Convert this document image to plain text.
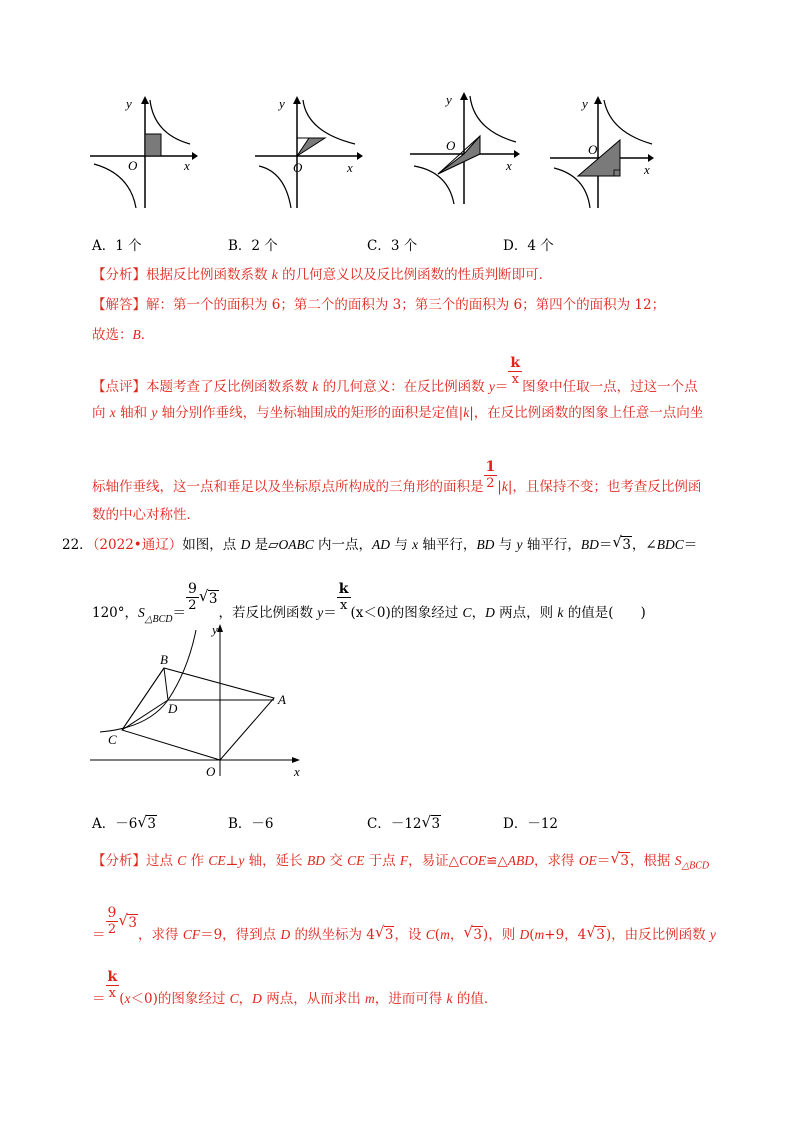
y
O	x
y
O	x
y
O
x
y
O
x
A．1 个	B．2 个	C．3 个	D．4 个
【分析】根据反比例函数系数 k 的几何意义以及反比例函数的性质判断即可．
【解答】解：第一个的面积为 6；第二个的面积为 3；第三个的面积为 6；第四个的面积为 12；
故选：B．
【点评】本题考查了反比例函数系数 k 的几何意义：在反比例函数 y＝
$\frac{k}{x}$
图象中任取一点，过这一个点
向 x 轴和 y 轴分别作垂线，与坐标轴围成的矩形的面积是定值|k|，在反比例函数的图象上任意一点向坐
标轴作垂线，这一点和垂足以及坐标原点所构成的三角形的面积是 $\frac{1}{2} |k|$，且保持不变；也考查反比例函
数的中心对称性．
22．（2022•通辽）如图，点 D 是▱OABC 内一点，AD 与 x 轴平行，BD 与 y 轴平行，BD＝ √ 3，∠BDC＝
120°，$S_{\triangle BCD}=$
$\frac{9}{2}$ √ 3，若反比例函数 y＝
$\frac{k}{x}$
(x＜0)的图象经过 C，D 两点，则 k 的值是(　　)
B
D
A
C
O	x
y
A．－6 √ 3	B．－6	C．－12 √ 3	D．－12
【分析】过点 C 作 CE⊥y 轴，延长 BD 交 CE 于点 F，易证△COE≌△ABD，求得 OE＝ √ 3，根据 $S_{\triangle BCD}$
＝ $\frac{9}{2}$ √ 3，求得 CF＝9，得到点 D 的纵坐标为 4 √ 3，设 C(m， √ 3)，则 D(m+9，4 √ 3)，由反比例函数 y
＝ $\frac{k}{x} (x<0)$的图象经过 C，D 两点，从而求出 m，进而可得 k 的值．
